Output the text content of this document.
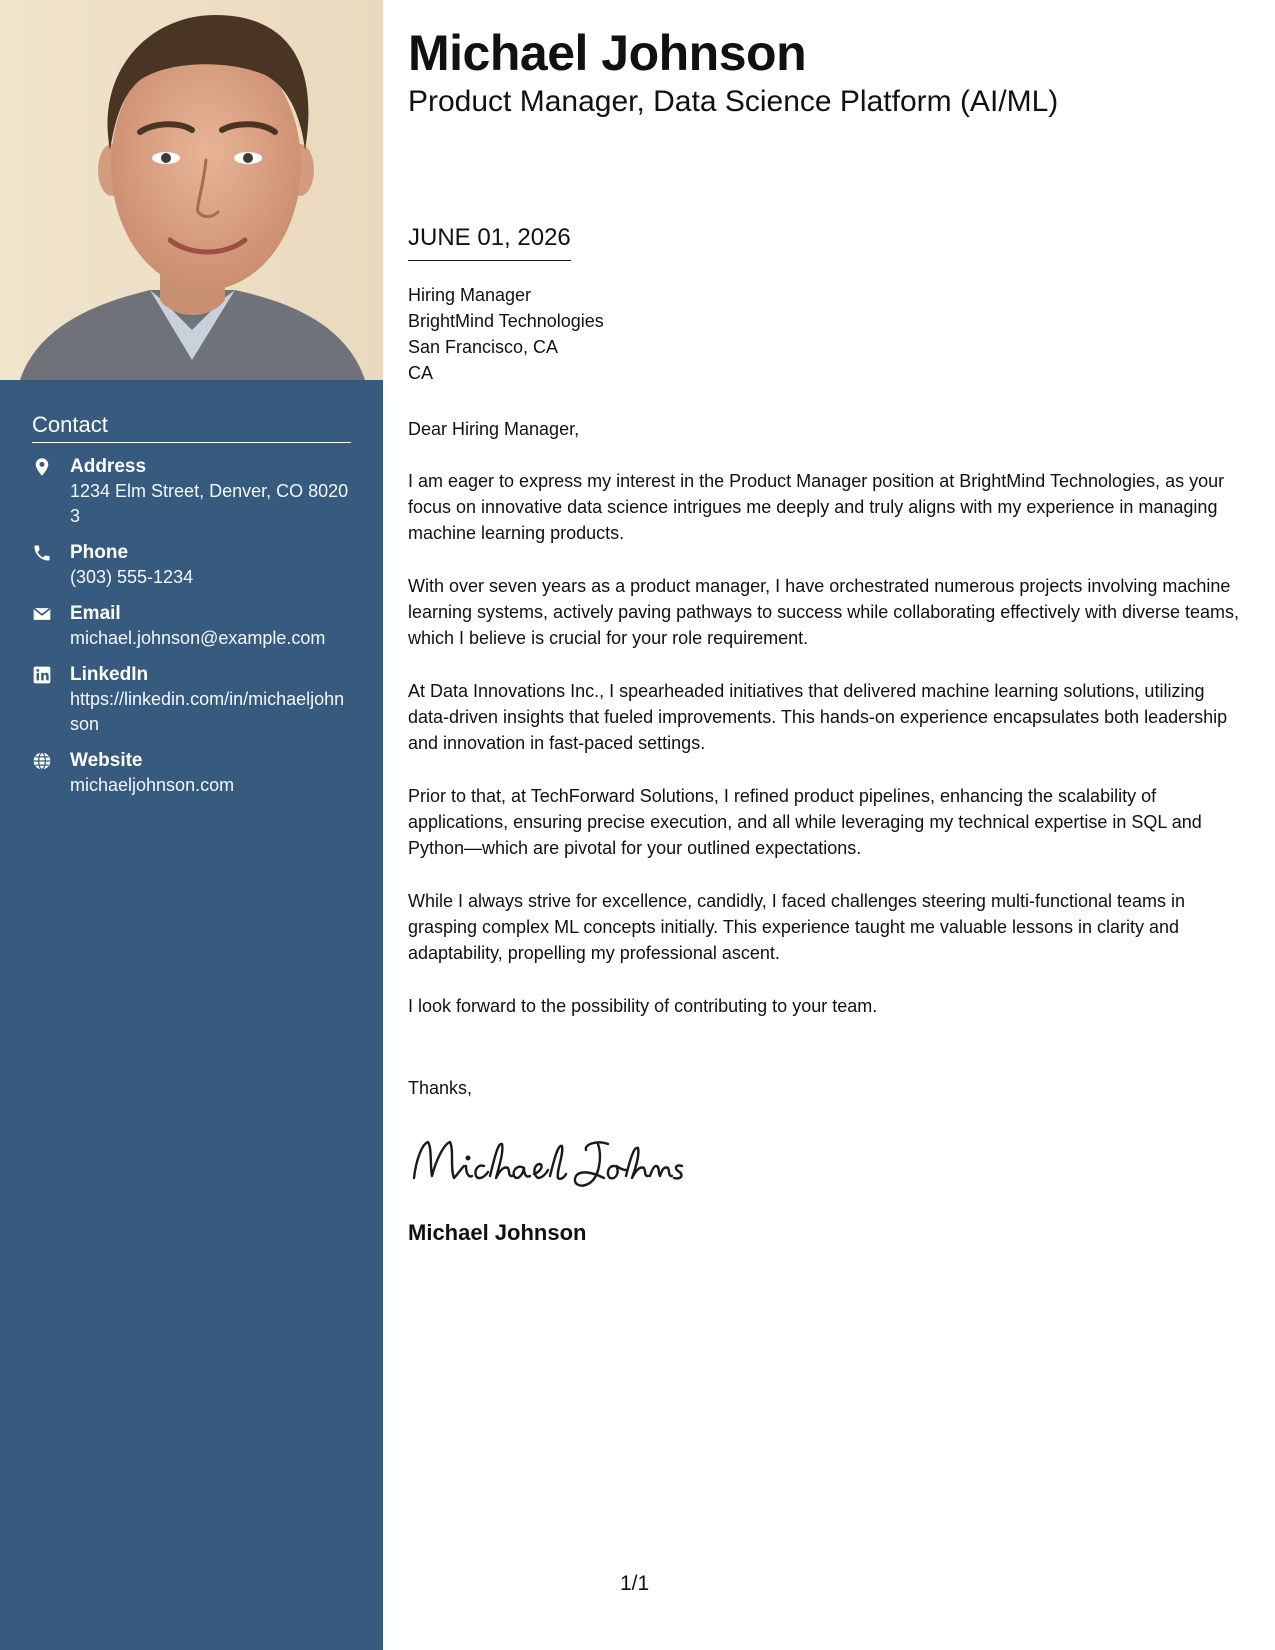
Contact
Address
1234 Elm Street, Denver, CO 80203
Phone
(303) 555-1234
Email
michael.johnson@example.com
LinkedIn
https://linkedin.com/in/michaeljohnson
Website
michaeljohnson.com
Michael Johnson
Product Manager, Data Science Platform (AI/ML)
JUNE 01, 2026
Hiring Manager
BrightMind Technologies
San Francisco, CA
CA
Dear Hiring Manager,

I am eager to express my interest in the Product Manager position at BrightMind Technologies, as your focus on innovative data science intrigues me deeply and truly aligns with my experience in managing machine learning products.

With over seven years as a product manager, I have orchestrated numerous projects involving machine learning systems, actively paving pathways to success while collaborating effectively with diverse teams, which I believe is crucial for your role requirement.

At Data Innovations Inc., I spearheaded initiatives that delivered machine learning solutions, utilizing data-driven insights that fueled improvements. This hands-on experience encapsulates both leadership and innovation in fast-paced settings.

Prior to that, at TechForward Solutions, I refined product pipelines, enhancing the scalability of applications, ensuring precise execution, and all while leveraging my technical expertise in SQL and Python—which are pivotal for your outlined expectations.

While I always strive for excellence, candidly, I faced challenges steering multi-functional teams in grasping complex ML concepts initially. This experience taught me valuable lessons in clarity and adaptability, propelling my professional ascent.

I look forward to the possibility of contributing to your team.

Thanks,
Michael Johnson
1/1
